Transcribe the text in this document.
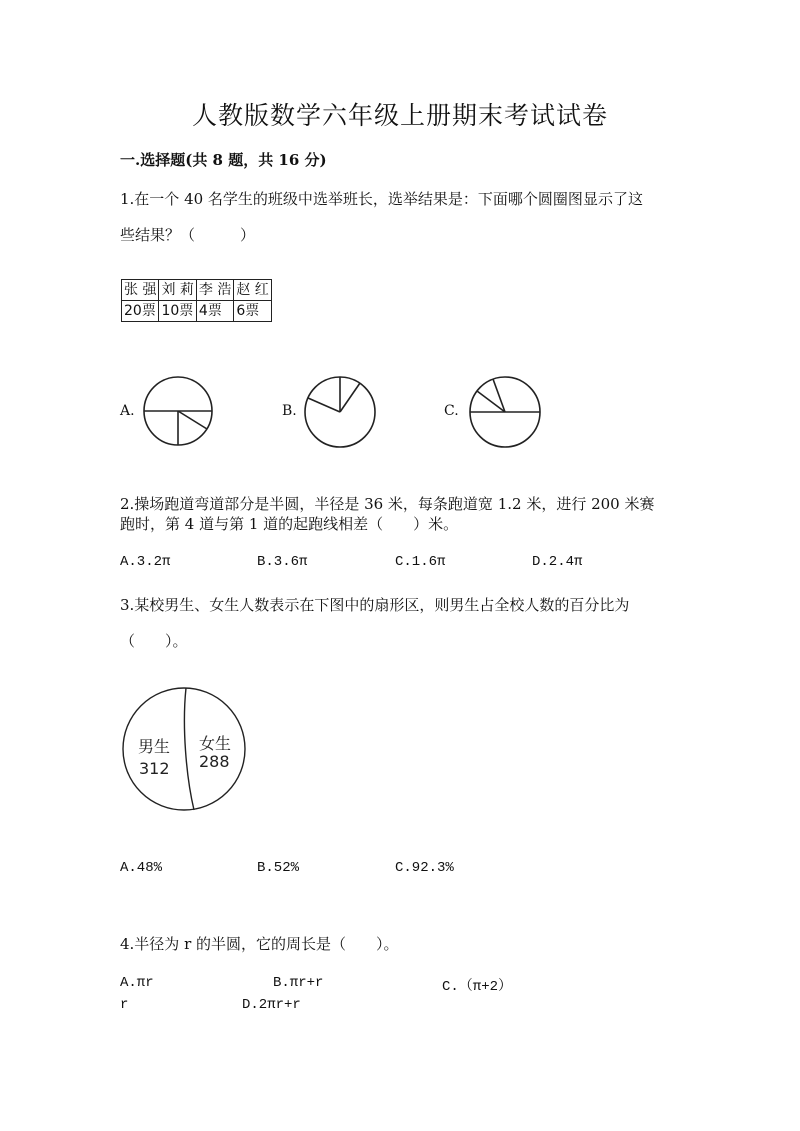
人教版数学六年级上册期末考试试卷
一.选择题(共 8 题，共 16 分)
1.在一个 40 名学生的班级中选举班长，选举结果是：下面哪个圆圈图显示了这
些结果？（　　　）
张 强	刘 莉	李 浩	赵 红
20票	10票	4票	6票
A.	B.	C.
2.操场跑道弯道部分是半圆，半径是 36 米，每条跑道宽 1.2 米，进行 200 米赛
跑时，第 4 道与第 1 道的起跑线相差（　　）米。
A.3.2π	B.3.6π	C.1.6π	D.2.4π
3.某校男生、女生人数表示在下图中的扇形区，则男生占全校人数的百分比为
（　　）。
男生
312
女生
288
A.48%	B.52%	C.92.3%
4.半径为 r 的半圆，它的周长是（　　）。
A.πr	B.πr+r	C.（π+2）
r	D.2πr+r
